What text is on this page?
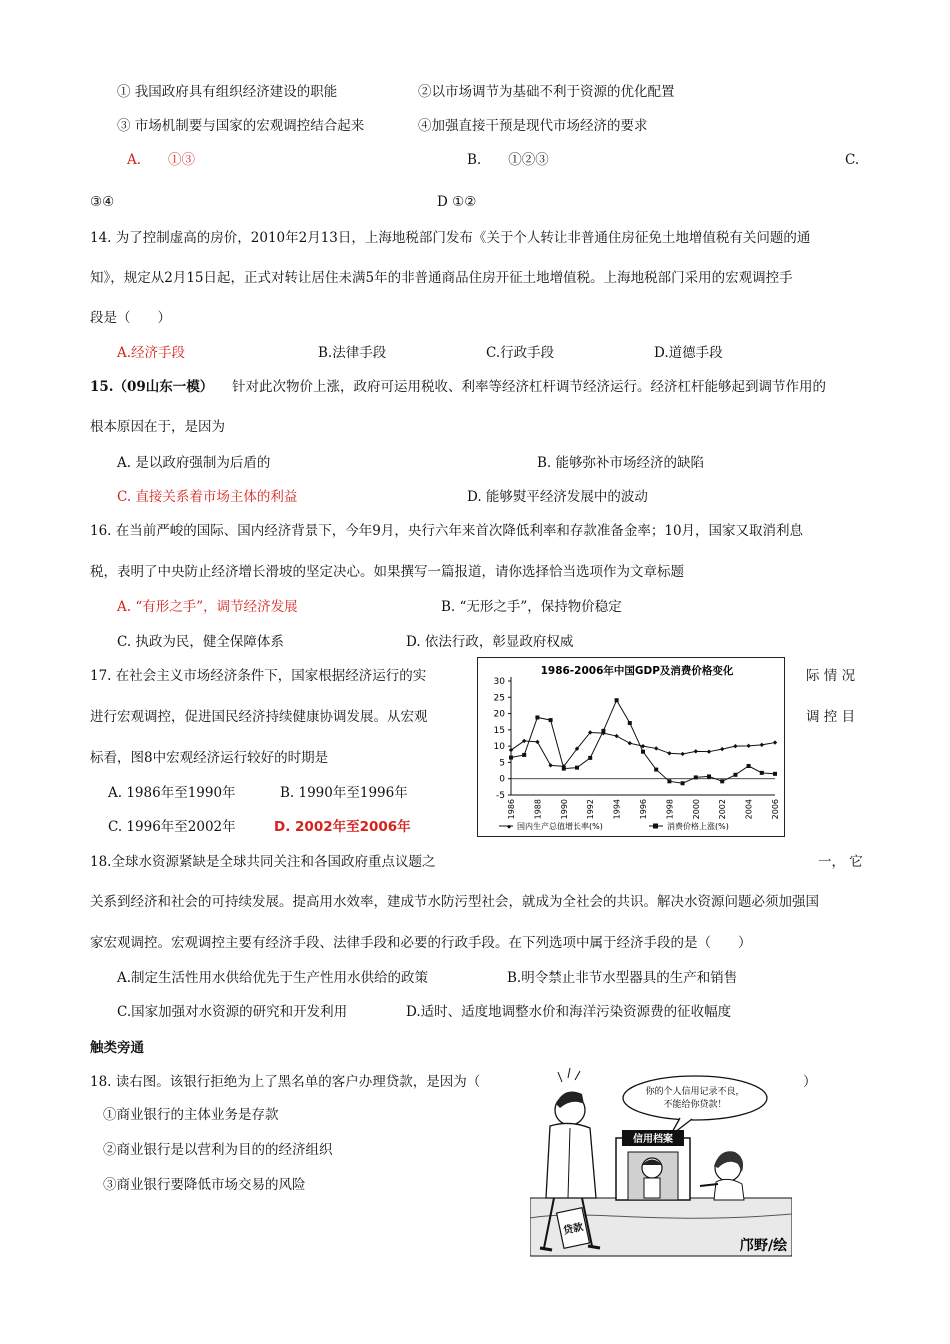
① 我国政府具有组织经济建设的职能	②以市场调节为基础不利于资源的优化配置
③ 市场机制要与国家的宏观调控结合起来	④加强直接干预是现代市场经济的要求
A.　　①③	B.　　①②③	C.
③④	D ①②
14. 为了控制虚高的房价，2010年2月13日，上海地税部门发布《关于个人转让非普通住房征免土地增值税有关问题的通
知》，规定从2月15日起，正式对转让居住未满5年的非普通商品住房开征土地增值税。上海地税部门采用的宏观调控手
段是（　　）
A.经济手段	B.法律手段	C.行政手段	D.道德手段
15.（09山东一模） 针对此次物价上涨，政府可运用税收、利率等经济杠杆调节经济运行。经济杠杆能够起到调节作用的
根本原因在于，是因为
A. 是以政府强制为后盾的	B. 能够弥补市场经济的缺陷
C. 直接关系着市场主体的利益	D. 能够熨平经济发展中的波动
16. 在当前严峻的国际、国内经济背景下，今年9月，央行六年来首次降低利率和存款准备金率；10月，国家又取消利息
税，表明了中央防止经济增长滑坡的坚定决心。如果撰写一篇报道，请你选择恰当选项作为文章标题
A. “有形之手”，调节经济发展	B. “无形之手”，保持物价稳定
C. 执政为民，健全保障体系	D. 依法行政，彰显政府权威
17. 在社会主义市场经济条件下，国家根据经济运行的实	际 情 况
进行宏观调控，促进国民经济持续健康协调发展。从宏观	调 控 目
标看，图8中宏观经济运行较好的时期是
A. 1986年至1990年	B. 1990年至1996年
C. 1996年至2002年	D. 2002年至2006年
30
25
20
15
10
5
0
-5
1986 1988 1990 1992 1994 1996 1998 2000 2002 2004 2006
1986-2006年中国GDP及消费价格变化
◆ 国内生产总值增长率(%)	消费价格上涨(%)
18.全球水资源紧缺是全球共同关注和各国政府重点议题之	一， 它
关系到经济和社会的可持续发展。提高用水效率，建成节水防污型社会，就成为全社会的共识。解决水资源问题必须加强国
家宏观调控。宏观调控主要有经济手段、法律手段和必要的行政手段。在下列选项中属于经济手段的是（　　）
A.制定生活性用水供给优先于生产性用水供给的政策	B.明令禁止非节水型器具的生产和销售
C.国家加强对水资源的研究和开发利用	D.适时、适度地调整水价和海洋污染资源费的征收幅度
触类旁通
18. 读右图。该银行拒绝为上了黑名单的客户办理贷款，是因为（	）
①商业银行的主体业务是存款
②商业银行是以营利为目的的经济组织
③商业银行要降低市场交易的风险
你的个人信用记录不良，
不能给你贷款！
信用档案
贷款
邝野/绘
